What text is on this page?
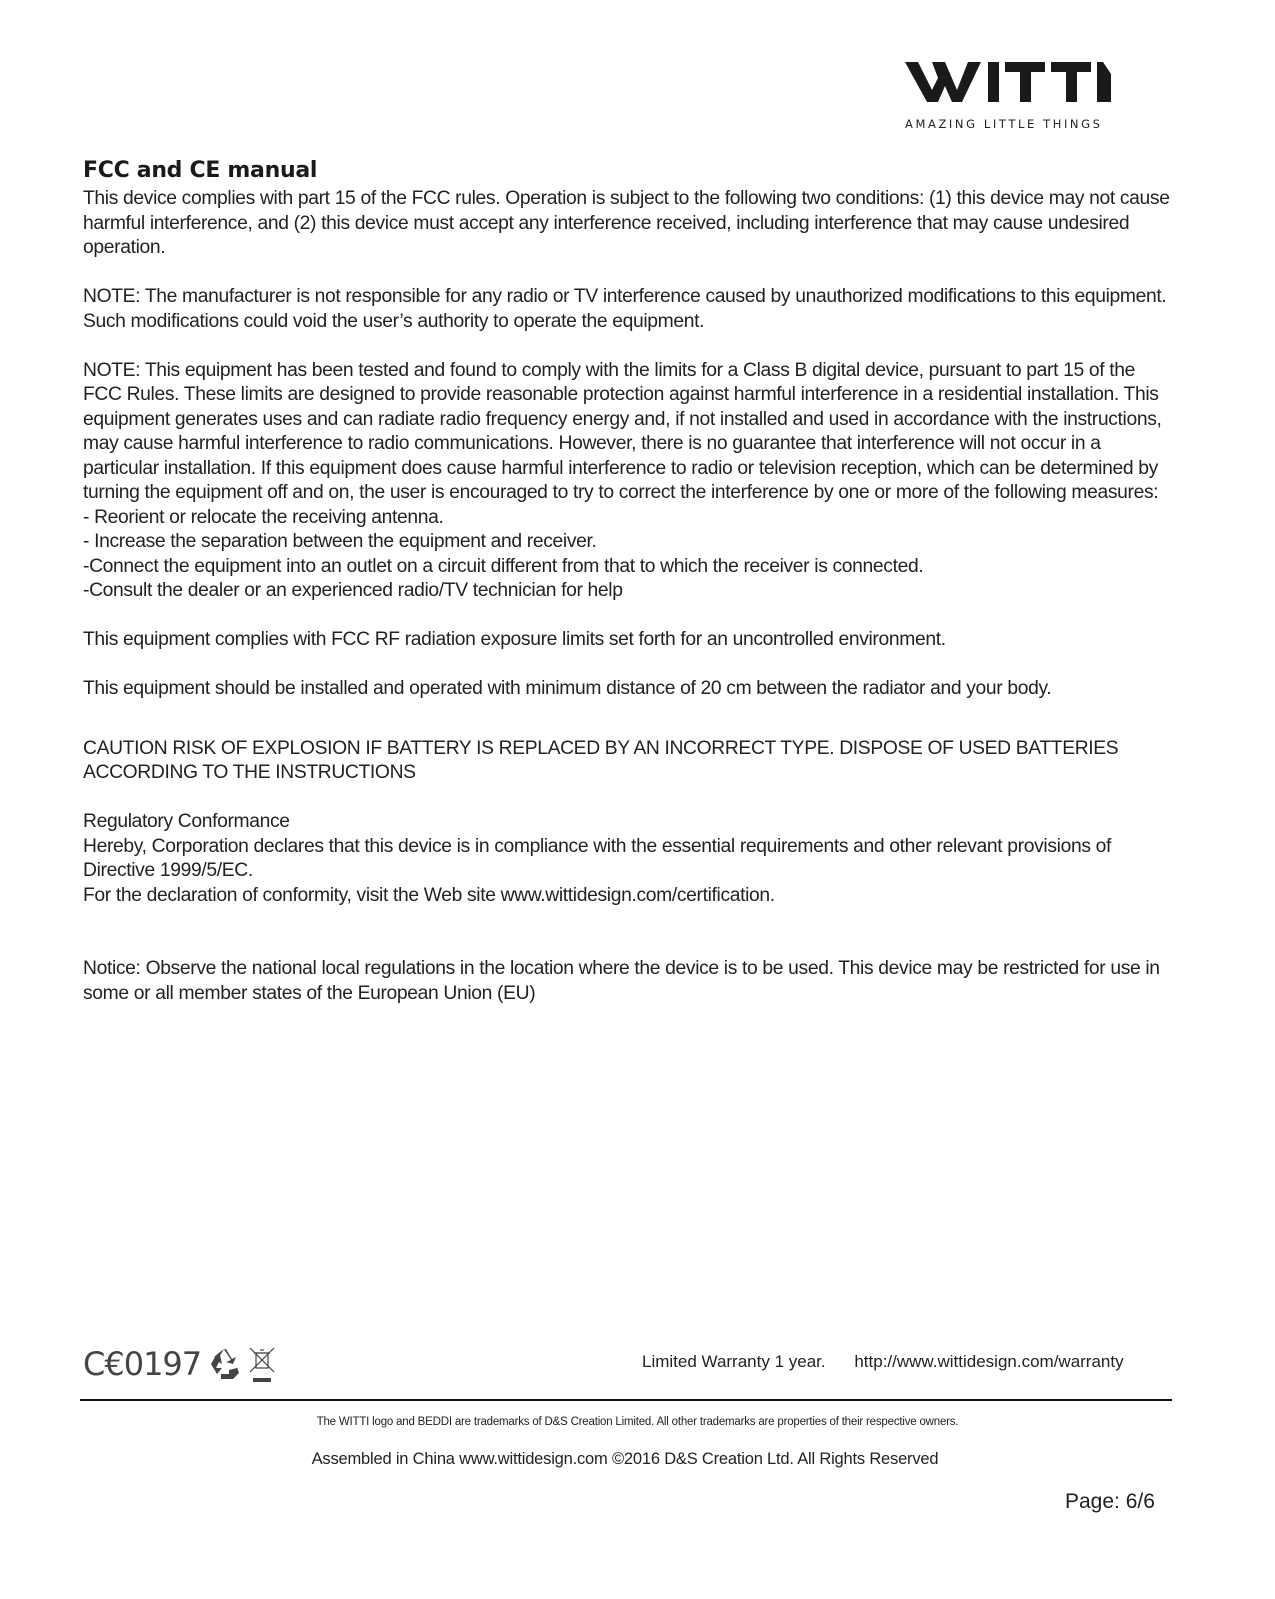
AMAZING LITTLE THINGS
FCC and CE manual

This device complies with part 15 of the FCC rules. Operation is subject to the following two conditions: (1) this device may not cause harmful interference, and (2) this device must accept any interference received, including interference that may cause undesired operation.

NOTE: The manufacturer is not responsible for any radio or TV interference caused by unauthorized modifications to this equipment. Such modifications could void the user’s authority to operate the equipment.

NOTE: This equipment has been tested and found to comply with the limits for a Class B digital device, pursuant to part 15 of the FCC Rules. These limits are designed to provide reasonable protection against harmful interference in a residential installation. This equipment generates uses and can radiate radio frequency energy and, if not installed and used in accordance with the instructions, may cause harmful interference to radio communications. However, there is no guarantee that interference will not occur in a particular installation. If this equipment does cause harmful interference to radio or television reception, which can be determined by turning the equipment off and on, the user is encouraged to try to correct the interference by one or more of the following measures:

- Reorient or relocate the receiving antenna.

- Increase the separation between the equipment and receiver.

-Connect the equipment into an outlet on a circuit different from that to which the receiver is connected.

-Consult the dealer or an experienced radio/TV technician for help

This equipment complies with FCC RF radiation exposure limits set forth for an uncontrolled environment.

This equipment should be installed and operated with minimum distance of 20 cm between the radiator and your body.

CAUTION RISK OF EXPLOSION IF BATTERY IS REPLACED BY AN INCORRECT TYPE. DISPOSE OF USED BATTERIES ACCORDING TO THE INSTRUCTIONS

Regulatory Conformance

Hereby, Corporation declares that this device is in compliance with the essential requirements and other relevant provisions of Directive 1999/5/EC.

For the declaration of conformity, visit the Web site www.wittidesign.com/certification.

Notice: Observe the national local regulations in the location where the device is to be used. This device may be restricted for use in some or all member states of the European Union (EU)

C€0197	Limited Warranty 1 year. http://www.wittidesign.com/warranty
The WITTI logo and BEDDI are trademarks of D&S Creation Limited. All other trademarks are properties of their respective owners.
Assembled in China www.wittidesign.com ©2016 D&S Creation Ltd. All Rights Reserved
Page: 6/6
